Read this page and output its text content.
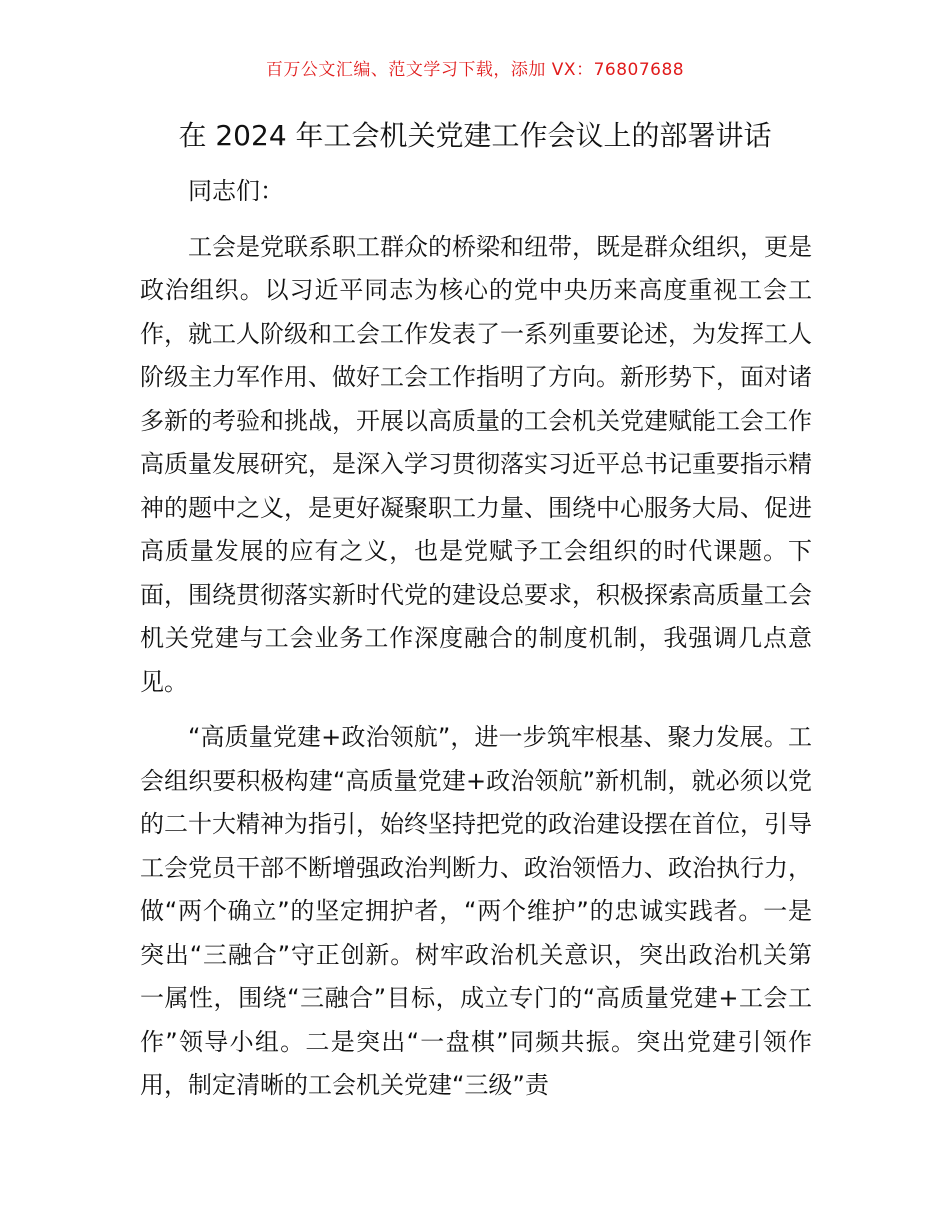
百万公文汇编、范文学习下载，添加 VX：76807688
在 2024 年工会机关党建工作会议上的部署讲话

同志们：

工会是党联系职工群众的桥梁和纽带，既是群众组织，更是政治组织。以习近平同志为核心的党中央历来高度重视工会工作，就工人阶级和工会工作发表了一系列重要论述，为发挥工人阶级主力军作用、做好工会工作指明了方向。新形势下，面对诸多新的考验和挑战，开展以高质量的工会机关党建赋能工会工作高质量发展研究，是深入学习贯彻落实习近平总书记重要指示精神的题中之义，是更好凝聚职工力量、围绕中心服务大局、促进高质量发展的应有之义，也是党赋予工会组织的时代课题。下面，围绕贯彻落实新时代党的建设总要求，积极探索高质量工会机关党建与工会业务工作深度融合的制度机制，我强调几点意见。

“高质量党建+政治领航”，进一步筑牢根基、聚力发展。工会组织要积极构建“高质量党建+政治领航”新机制，就必须以党的二十大精神为指引，始终坚持把党的政治建设摆在首位，引导工会党员干部不断增强政治判断力、政治领悟力、政治执行力，做“两个确立”的坚定拥护者，“两个维护”的忠诚实践者。一是突出“三融合”守正创新。树牢政治机关意识，突出政治机关第一属性，围绕“三融合”目标，成立专门的“高质量党建+工会工作”领导小组。二是突出“一盘棋”同频共振。突出党建引领作用，制定清晰的工会机关党建“三级”责
